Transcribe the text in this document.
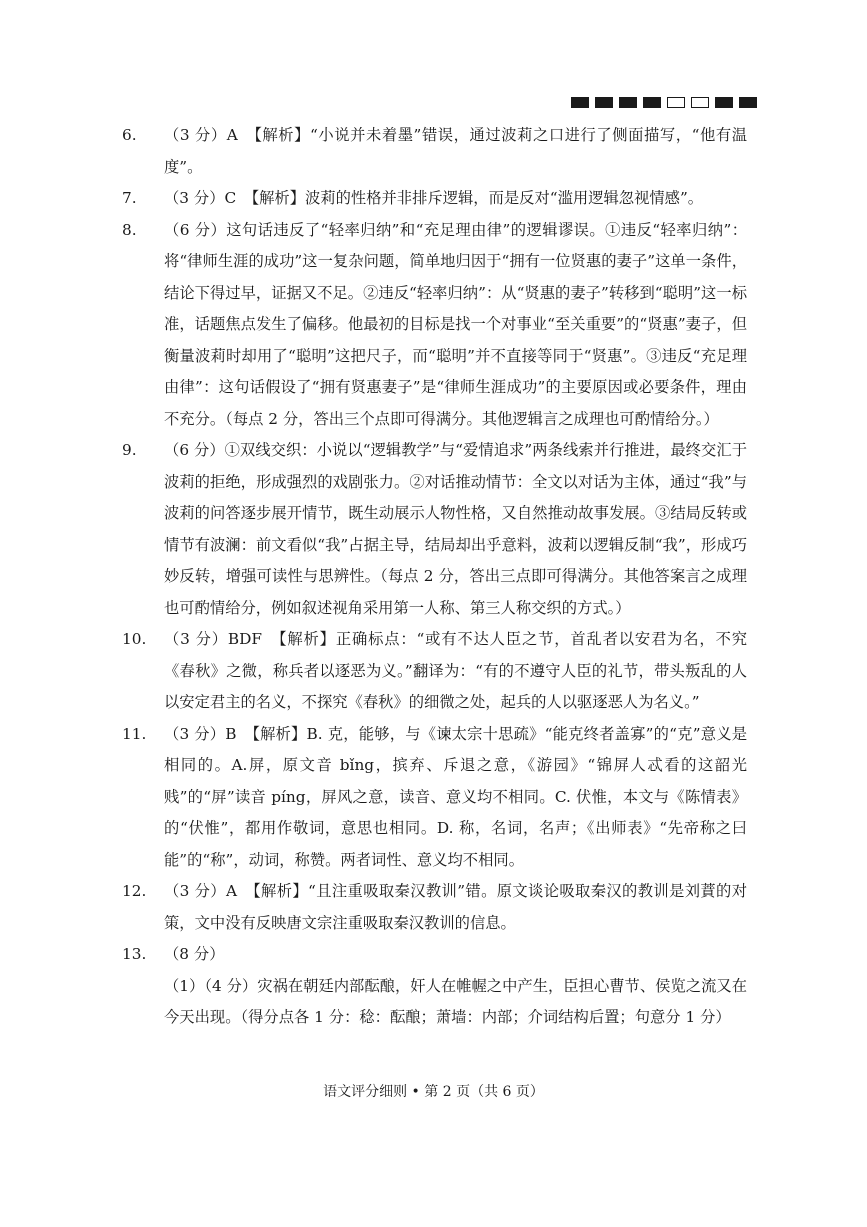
6.	（3 分）A　【解析】“小说并未着墨”错误，通过波莉之口进行了侧面描写，“他有温度”。
7.	（3 分）C　【解析】波莉的性格并非排斥逻辑，而是反对“滥用逻辑忽视情感”。
8.	（6 分）这句话违反了“轻率归纳”和“充足理由律”的逻辑谬误。①违反“轻率归纳”：将“律师生涯的成功”这一复杂问题，简单地归因于“拥有一位贤惠的妻子”这单一条件，结论下得过早，证据又不足。②违反“轻率归纳”：从“贤惠的妻子”转移到“聪明”这一标准，话题焦点发生了偏移。他最初的目标是找一个对事业“至关重要”的“贤惠”妻子，但衡量波莉时却用了“聪明”这把尺子，而“聪明”并不直接等同于“贤惠”。③违反“充足理由律”：这句话假设了“拥有贤惠妻子”是“律师生涯成功”的主要原因或必要条件，理由不充分。（每点 2 分，答出三个点即可得满分。其他逻辑言之成理也可酌情给分。）
9.	（6 分）①双线交织：小说以“逻辑教学”与“爱情追求”两条线索并行推进，最终交汇于波莉的拒绝，形成强烈的戏剧张力。②对话推动情节：全文以对话为主体，通过“我”与波莉的问答逐步展开情节，既生动展示人物性格，又自然推动故事发展。③结局反转或情节有波澜：前文看似“我”占据主导，结局却出乎意料，波莉以逻辑反制“我”，形成巧妙反转，增强可读性与思辨性。（每点 2 分，答出三点即可得满分。其他答案言之成理也可酌情给分，例如叙述视角采用第一人称、第三人称交织的方式。）
10.	（3 分）BDF　【解析】正确标点：“或有不达人臣之节，首乱者以安君为名，不究《春秋》之微，称兵者以逐恶为义。”翻译为：“有的不遵守人臣的礼节，带头叛乱的人以安定君主的名义，不探究《春秋》的细微之处，起兵的人以驱逐恶人为名义。”
11.	（3 分）B　【解析】B. 克，能够，与《谏太宗十思疏》“能克终者盖寡”的“克”意义是相同的。A.屏，原文音 bǐng，摈弃、斥退之意，《游园》“锦屏人忒看的这韶光贱”的“屏”读音 píng，屏风之意，读音、意义均不相同。C. 伏惟，本文与《陈情表》的“伏惟”，都用作敬词，意思也相同。D. 称，名词，名声；《出师表》“先帝称之曰能”的“称”，动词，称赞。两者词性、意义均不相同。
12.	（3 分）A　【解析】“且注重吸取秦汉教训”错。原文谈论吸取秦汉的教训是刘蕡的对策，文中没有反映唐文宗注重吸取秦汉教训的信息。
13.	（8 分）
（1）（4 分）灾祸在朝廷内部酝酿，奸人在帷幄之中产生，臣担心曹节、侯览之流又在今天出现。（得分点各 1 分：稔：酝酿；萧墙：内部；介词结构后置；句意分 1 分）
语文评分细则 • 第 2 页（共 6 页）
